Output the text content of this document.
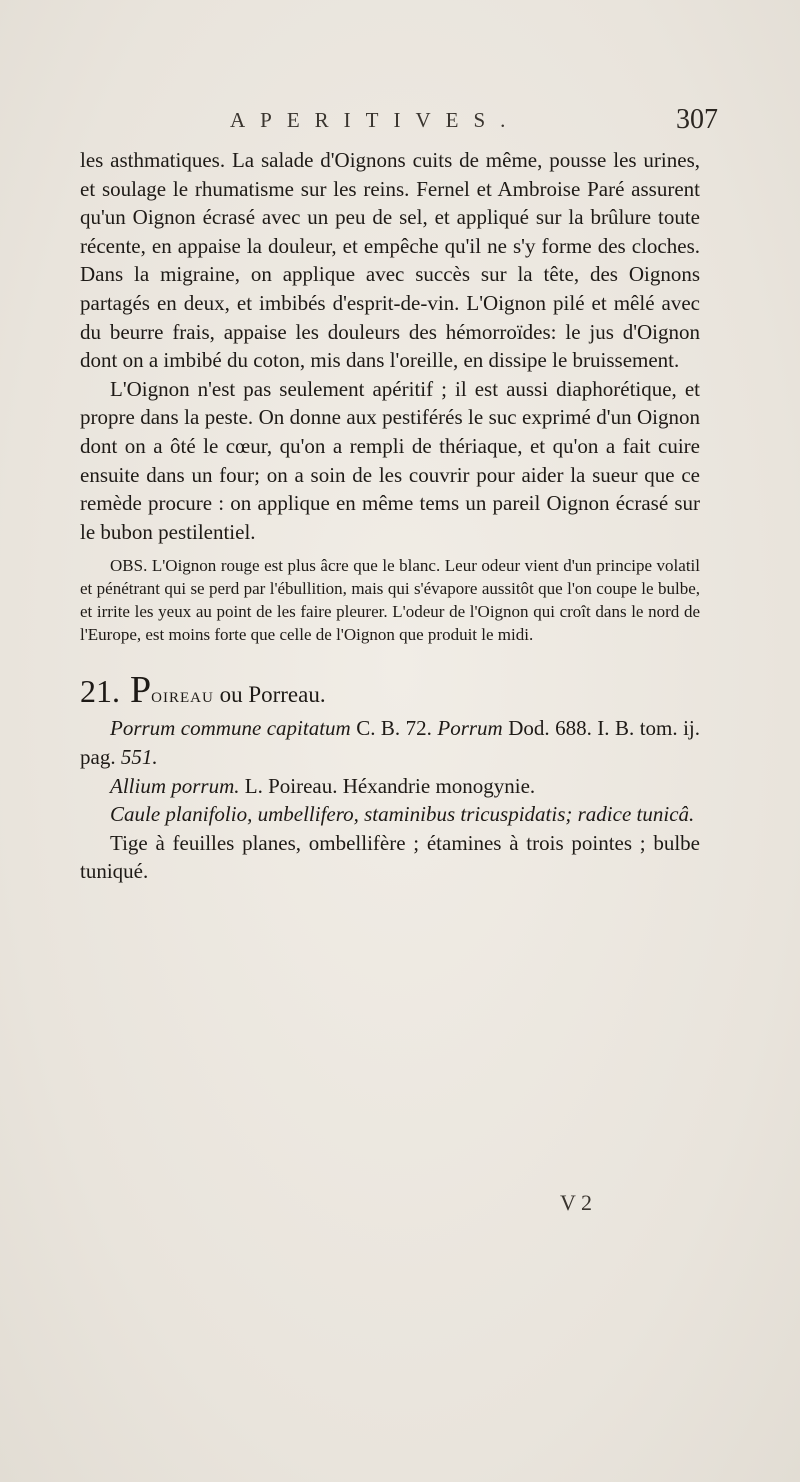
APERITIVES.	307

les asthmatiques. La salade d'Oignons cuits de même, pousse les urines, et soulage le rhumatisme sur les reins. Fernel et Ambroise Paré assurent qu'un Oignon écrasé avec un peu de sel, et appliqué sur la brûlure toute récente, en appaise la douleur, et empêche qu'il ne s'y forme des cloches. Dans la migraine, on applique avec succès sur la tête, des Oignons partagés en deux, et imbibés d'esprit-de-vin. L'Oignon pilé et mêlé avec du beurre frais, appaise les douleurs des hémorroïdes: le jus d'Oignon dont on a imbibé du coton, mis dans l'oreille, en dissipe le bruissement.

L'Oignon n'est pas seulement apéritif ; il est aussi diaphorétique, et propre dans la peste. On donne aux pestiférés le suc exprimé d'un Oignon dont on a ôté le cœur, qu'on a rempli de thériaque, et qu'on a fait cuire ensuite dans un four; on a soin de les couvrir pour aider la sueur que ce remède procure : on applique en même tems un pareil Oignon écrasé sur le bubon pestilentiel.

OBS. L'Oignon rouge est plus âcre que le blanc. Leur odeur vient d'un principe volatil et pénétrant qui se perd par l'ébullition, mais qui s'évapore aussitôt que l'on coupe le bulbe, et irrite les yeux au point de les faire pleurer. L'odeur de l'Oignon qui croît dans le nord de l'Europe, est moins forte que celle de l'Oignon que produit le midi.

21. POIREAU ou Porreau.

Porrum commune capitatum C. B. 72. Porrum Dod. 688. I. B. tom. ij. pag. 551.

Allium porrum. L. Poireau. Héxandrie monogynie.

Caule planifolio, umbellifero, staminibus tricuspidatis; radice tunicâ.

Tige à feuilles planes, ombellifère ; étamines à trois pointes ; bulbe tuniqué.

V 2
